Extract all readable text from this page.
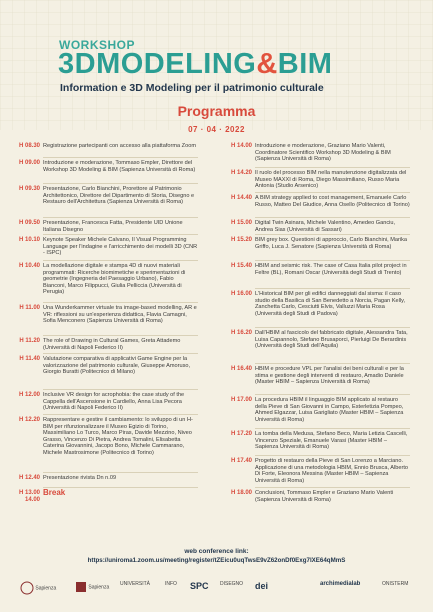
WORKSHOP
3DMODELING&BIM
Information e 3D Modeling per il patrimonio culturale
Programma
07 · 04 · 2022
H 08.30 Registrazione partecipanti con accesso alla piattaforma Zoom
H 09.00 Introduzione e moderazione, Tommaso Empler, Direttore del Workshop 3D Modeling & BIM (Sapienza Università di Roma)
H 09.30 Presentazione, Carlo Bianchini, Prorettore al Patrimonio Architettonico, Direttore del Dipartimento di Storia, Disegno e Restauro dell'Architettura (Sapienza Università di Roma)
H 09.50 Presentazione, Francesca Fatta, Presidente UID Unione Italiana Disegno
H 10.10 Keynote Speaker Michele Calvano, Il Visual Programming Language per l'indagine e l'arricchimento dei modelli 3D (CNR - ISPC)
H 10.40 La modellazione digitale e stampa 4D di nuovi materiali programmati: Ricerche biomimetiche e sperimentazioni di geometrie (Ingegneria del Paesaggio Urbano), Fabio Bianconi, Marco Filippucci, Giulia Pelliccia (Università di Perugia)
H 11.00 Una Wunderkammer virtuale tra image-based modelling, AR e VR: riflessioni su un'esperienza didattica, Flavia Camagni, Sofia Menconero (Sapienza Università di Roma)
H 11.20 The role of Drawing in Cultural Games, Greta Attademo (Università di Napoli Federico II)
H 11.40 Valutazione comparativa di applicativi Game Engine per la valorizzazione del patrimonio culturale, Giuseppe Amoruso, Giorgio Buratti (Politecnico di Milano)
H 12.00 Inclusive VR design for acrophobia: the case study of the Cappella dell'Ascensione in Cardiello, Anna Lisa Pecora (Università di Napoli Federico II)
H 12.20 Rappresentare e gestire il cambiamento: lo sviluppo di un H-BIM per rifunzionalizzare il Museo Egizio di Torino, Massimiliano Lo Turco, Marco Piras, Davide Mezzino, Niveo Grasso, Vincenzo Di Pietra, Andrea Tomalini, Elisabetta Caterina Giovannini, Jacopo Bono, Michele Cammarano, Michele Mastrosimone (Politecnico di Torino)
H 12.40 Presentazione rivista Dn n.09
H 13.00 14.00
Break
H 14.00 Introduzione e moderazione, Graziano Mario Valenti, Coordinatore Scientifico Workshop 3D Modeling & BIM (Sapienza Università di Roma)
H 14.20 Il ruolo del processo BIM nella manutenzione digitalizzata del Museo MAXXI di Roma, Diego Massimiliano, Russo Maria Antonia (Studio Arsenico)
H 14.40 A BIM strategy applied to cost management, Emanuele Carlo Russo, Matteo Del Giudice, Anna Osello (Politecnico di Torino)
H 15.00 Digital Twin Asinara, Michele Valentino, Amedeo Ganciu, Andrea Sias (Università di Sassari)
H 15.20 BIM grey box. Questioni di approccio, Carlo Bianchini, Marika Griffo, Luca J. Senatore (Sapienza Università di Roma)
H 15.40 HBIM and seismic risk. The case of Casa Italia pilot project in Feltre (BL), Romani Oscar (Università degli Studi di Trento)
H 16.00 L'Historical BIM per gli edifici danneggiati dal sisma: il caso studio della Basilica di San Benedetto a Norcia, Pagan Kelly, Zanchetta Carlo, Cesciutti Elvis, Valluzzi Maria Rosa (Università degli Studi di Padova)
H 16.20 Dall'HBIM al fascicolo del fabbricato digitale, Alessandra Tata, Luisa Capannolo, Stefano Brusaporci, Pierluigi De Berardinis (Università degli Studi dell'Aquila)
H 16.40 HBIM e procedure VPL per l'analisi dei beni culturali e per la stima e gestione degli interventi di restauro, Amadio Daniele (Master HBIM – Sapienza Università di Roma)
H 17.00 La procedura HBIM il linguaggio BIM applicato al restauro della Pieve di San Giovanni in Campo, Esterletizia Pompeo, Ahmed Elgazzar, Luisa Garigliato (Master HBIM – Sapienza Università di Roma)
H 17.20 La tomba della Medusa, Stefano Beco, Maria Letizia Cascelli, Vincenzo Speziale, Emanuele Varasi (Master HBIM – Sapienza Università di Roma)
H 17.40 Progetto di restauro della Pieve di San Lorenzo a Marciano. Applicazione di una metodologia HBIM, Ennio Brusca, Alberto Di Forte, Eleonora Messina (Master HBIM – Sapienza Università di Roma)
H 18.00 Conclusioni, Tommaso Empler e Graziano Mario Valenti (Sapienza Università di Roma)
web conference link:
https://uniroma1.zoom.us/meeting/register/tZEicu0uqTwsE9vZ62onDf0Exg7lXE64qMmS
Sapienza	Sapienza
UNIVERSITÀ	INFO SPC DISEGNO dei	archimedialab	ONISTERM
